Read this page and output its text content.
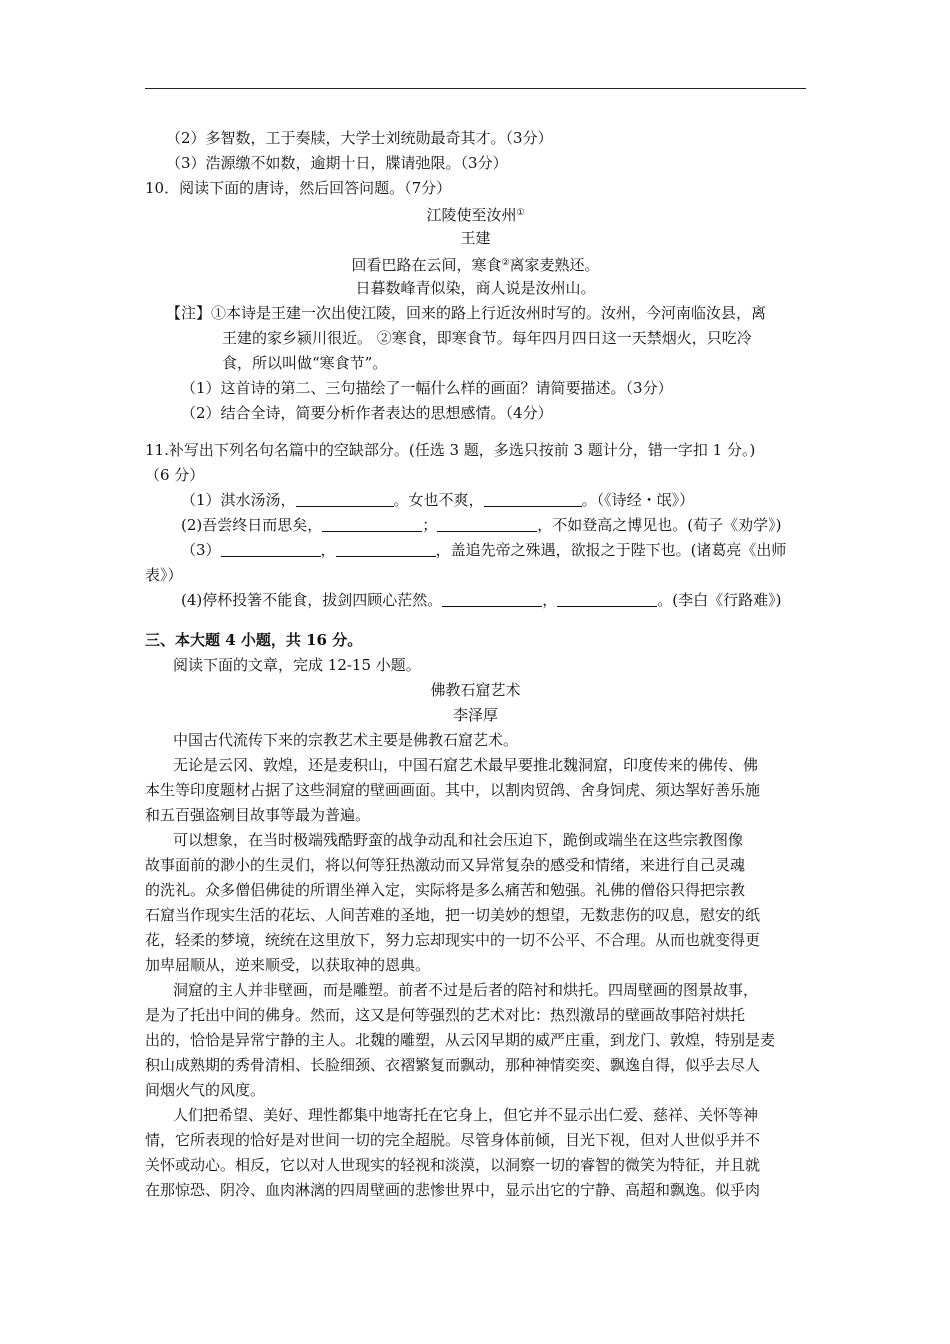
（2）多智数，工于奏牍，大学士刘统勋最奇其才。（3分）
（3）浩源缴不如数，逾期十日，牒请弛限。（3分）
10．阅读下面的唐诗，然后回答问题。（7分）
江陵使至汝州①
王建
回看巴路在云间，寒食②离家麦熟还。
日暮数峰青似染，商人说是汝州山。
【注】①本诗是王建一次出使江陵，回来的路上行近汝州时写的。汝州，今河南临汝县，离
王建的家乡颍川很近。 ②寒食，即寒食节。每年四月四日这一天禁烟火，只吃冷
食，所以叫做“寒食节”。
（1）这首诗的第二、三句描绘了一幅什么样的画面？请简要描述。（3分）
（2）结合全诗，简要分析作者表达的思想感情。（4分）
11.补写出下列名句名篇中的空缺部分。(任选 3 题，多选只按前 3 题计分，错一字扣 1 分。)
（6 分）
（1）淇水汤汤，	。女也不爽，	。（《诗经・氓》）
(2)吾尝终日而思矣，	；	，不如登高之博见也。(荀子《劝学》)
（3）	，	，盖追先帝之殊遇，欲报之于陛下也。(诸葛亮《出师
表》）
(4)停杯投箸不能食，拔剑四顾心茫然。	，	。(李白《行路难》)
三、本大题 4 小题，共 16 分。
阅读下面的文章，完成 12-15 小题。
佛教石窟艺术
李泽厚
中国古代流传下来的宗教艺术主要是佛教石窟艺术。
无论是云冈、敦煌，还是麦积山，中国石窟艺术最早要推北魏洞窟，印度传来的佛传、佛
本生等印度题材占据了这些洞窟的壁画画面。其中，以割肉贸鸽、舍身饲虎、须达挐好善乐施
和五百强盗剜目故事等最为普遍。
可以想象，在当时极端残酷野蛮的战争动乱和社会压迫下，跪倒或端坐在这些宗教图像
故事面前的渺小的生灵们，将以何等狂热激动而又异常复杂的感受和情绪，来进行自己灵魂
的洗礼。众多僧侣佛徒的所谓坐禅入定，实际将是多么痛苦和勉强。礼佛的僧俗只得把宗教
石窟当作现实生活的花坛、人间苦难的圣地，把一切美妙的想望，无数悲伤的叹息，慰安的纸
花，轻柔的梦境，统统在这里放下，努力忘却现实中的一切不公平、不合理。从而也就变得更
加卑屈顺从，逆来顺受，以获取神的恩典。
洞窟的主人并非壁画，而是雕塑。前者不过是后者的陪衬和烘托。四周壁画的图景故事，
是为了托出中间的佛身。然而，这又是何等强烈的艺术对比：热烈激昂的壁画故事陪衬烘托
出的，恰恰是异常宁静的主人。北魏的雕塑，从云冈早期的威严庄重，到龙门、敦煌，特别是麦
积山成熟期的秀骨清相、长脸细颈、衣褶繁复而飘动，那种神情奕奕、飘逸自得，似乎去尽人
间烟火气的风度。
人们把希望、美好、理性都集中地寄托在它身上，但它并不显示出仁爱、慈祥、关怀等神
情，它所表现的恰好是对世间一切的完全超脱。尽管身体前倾，目光下视，但对人世似乎并不
关怀或动心。相反，它以对人世现实的轻视和淡漠，以洞察一切的睿智的微笑为特征，并且就
在那惊恐、阴冷、血肉淋漓的四周壁画的悲惨世界中，显示出它的宁静、高超和飘逸。似乎肉
